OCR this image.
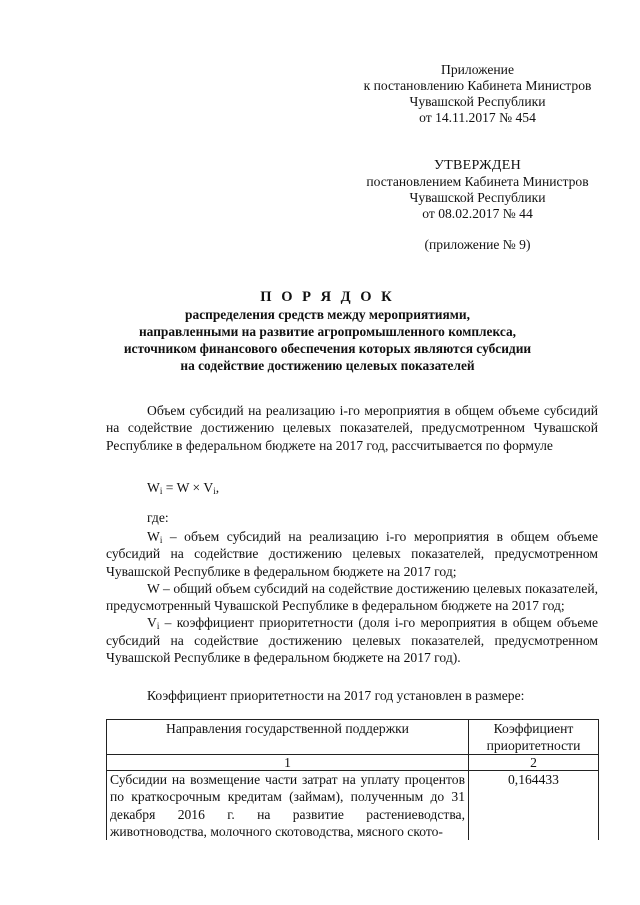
Приложение
к постановлению Кабинета Министров
Чувашской Республики
от 14.11.2017 № 454
УТВЕРЖДЕН
постановлением Кабинета Министров
Чувашской Республики
от 08.02.2017 № 44
(приложение № 9)
П О Р Я Д О К
распределения средств между мероприятиями,
направленными на развитие агропромышленного комплекса,
источником финансового обеспечения которых являются субсидии
на содействие достижению целевых показателей

Объем субсидий на реализацию i-го мероприятия в общем объеме субсидий на содействие достижению целевых показателей, предусмотренном Чувашской Республике в федеральном бюджете на 2017 год, рассчитывается по формуле

$W_i = W \times V_i$,
где:

$W_i$ – объем субсидий на реализацию i-го мероприятия в общем объеме субсидий на содействие достижению целевых показателей, предусмотренном Чувашской Республике в федеральном бюджете на 2017 год;

W – общий объем субсидий на содействие достижению целевых показателей, предусмотренный Чувашской Республике в федеральном бюджете на 2017 год;

$V_i$ – коэффициент приоритетности (доля i-го мероприятия в общем объеме субсидий на содействие достижению целевых показателей, предусмотренном Чувашской Республике в федеральном бюджете на 2017 год).

Коэффициент приоритетности на 2017 год установлен в размере:
Направления государственной поддержки	Коэффициент приоритетности
1	2
Субсидии на возмещение части затрат на уплату процентов по краткосрочным кредитам (займам), полученным до 31 декабря 2016 г. на развитие растениеводства, животноводства, молочного скотоводства, мясного ското-	0,164433
